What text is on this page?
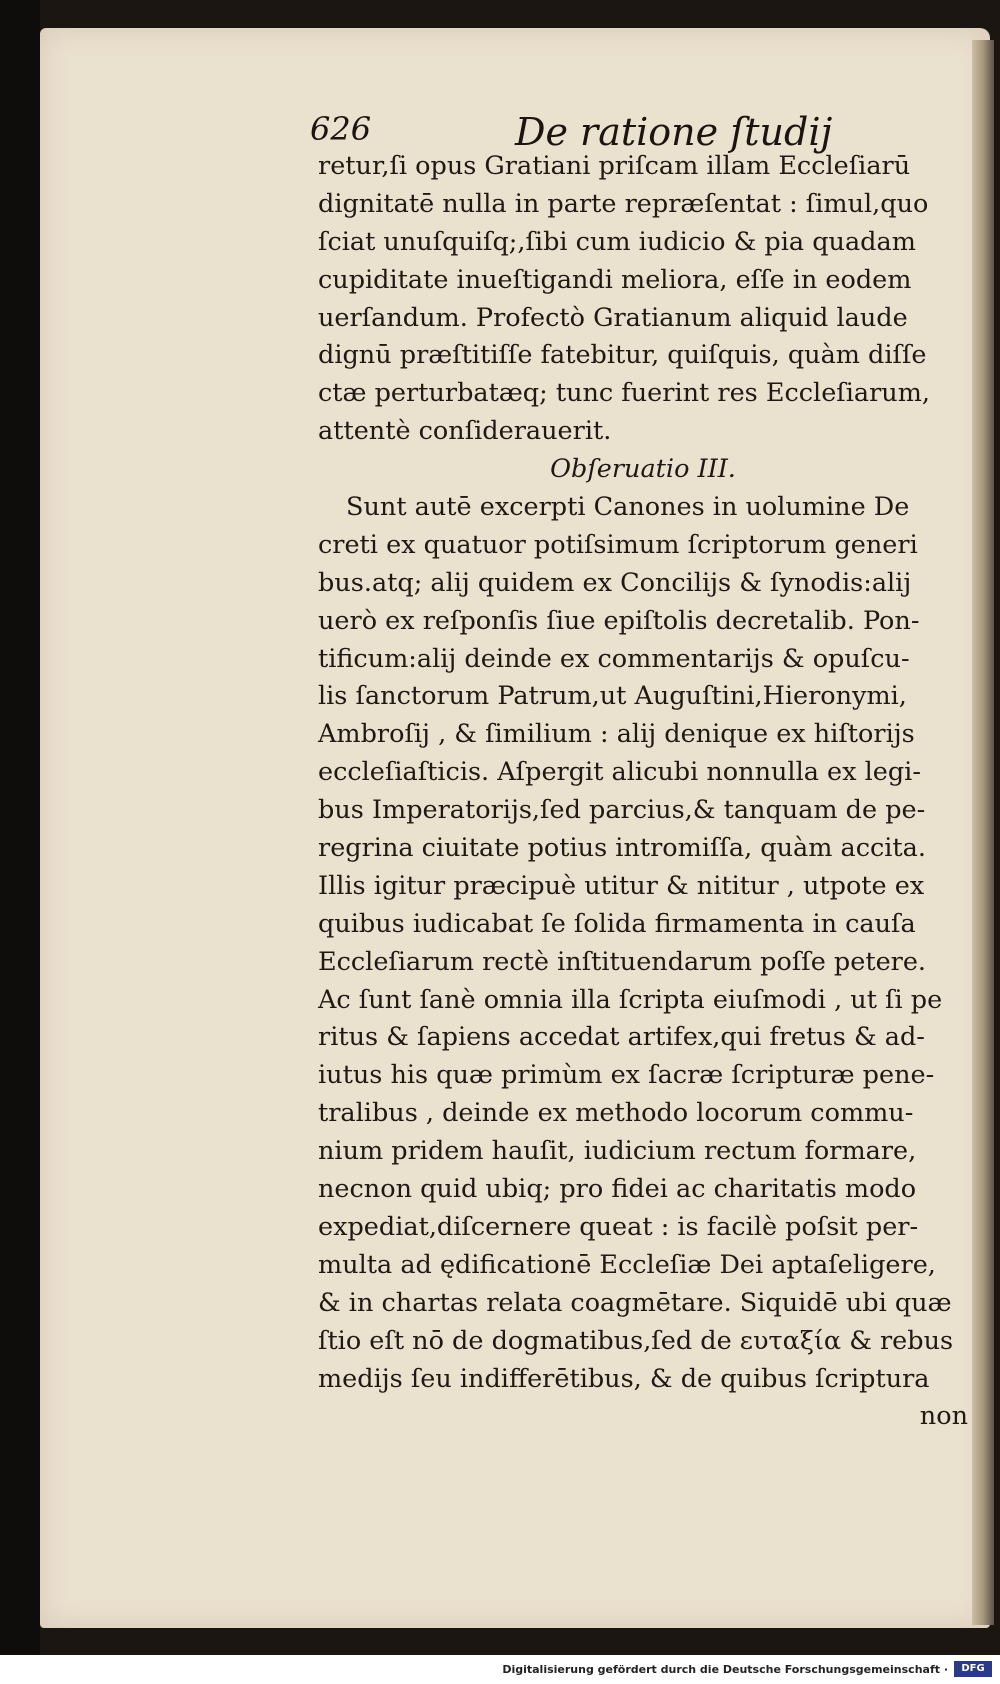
626	De ratione ſtudij
retur,ſi opus Gratiani priſcam illam Eccleſiarū
dignitatē nulla in parte repræſentat : ſimul,quo
ſciat unuſquiſq;,ſibi cum iudicio & pia quadam
cupiditate inueſtigandi meliora, eſſe in eodem
uerſandum. Profectò Gratianum aliquid laude
dignū præſtitiſſe fatebitur, quiſquis, quàm diſſe
ctæ perturbatæq; tunc fuerint res Eccleſiarum,
attentè conſiderauerit.
Obſeruatio III.
Sunt autē excerpti Canones in uolumine De
creti ex quatuor potiſsimum ſcriptorum generi
bus.atq; alij quidem ex Concilijs & ſynodis:alij
uerò ex reſponſis ſiue epiſtolis decretalib. Pon-
tificum:alij deinde ex commentarijs & opuſcu-
lis ſanctorum Patrum,ut Auguſtini,Hieronymi,
Ambroſij , & ſimilium : alij denique ex hiſtorijs
eccleſiaſticis. Aſpergit alicubi nonnulla ex legi-
bus Imperatorijs,ſed parcius,& tanquam de pe-
regrina ciuitate potius intromiſſa, quàm accita.
Illis igitur præcipuè utitur & nititur , utpote ex
quibus iudicabat ſe ſolida firmamenta in cauſa
Eccleſiarum rectè inſtituendarum poſſe petere.
Ac ſunt ſanè omnia illa ſcripta eiuſmodi , ut ſi pe
ritus & ſapiens accedat artifex,qui fretus & ad-
iutus his quæ primùm ex ſacræ ſcripturæ pene-
tralibus , deinde ex methodo locorum commu-
nium pridem hauſit, iudicium rectum formare,
necnon quid ubiq; pro fidei ac charitatis modo
expediat,diſcernere queat : is facilè poſsit per-
multa ad ędificationē Eccleſiæ Dei aptaſeligere,
& in chartas relata coagmētare. Siquidē ubi quæ
ſtio eſt nō de dogmatibus,ſed de ευταξία & rebus
medijs ſeu indifferētibus, & de quibus ſcriptura
non
Digitalisierung gefördert durch die Deutsche Forschungsgemeinschaft ·	DFG
